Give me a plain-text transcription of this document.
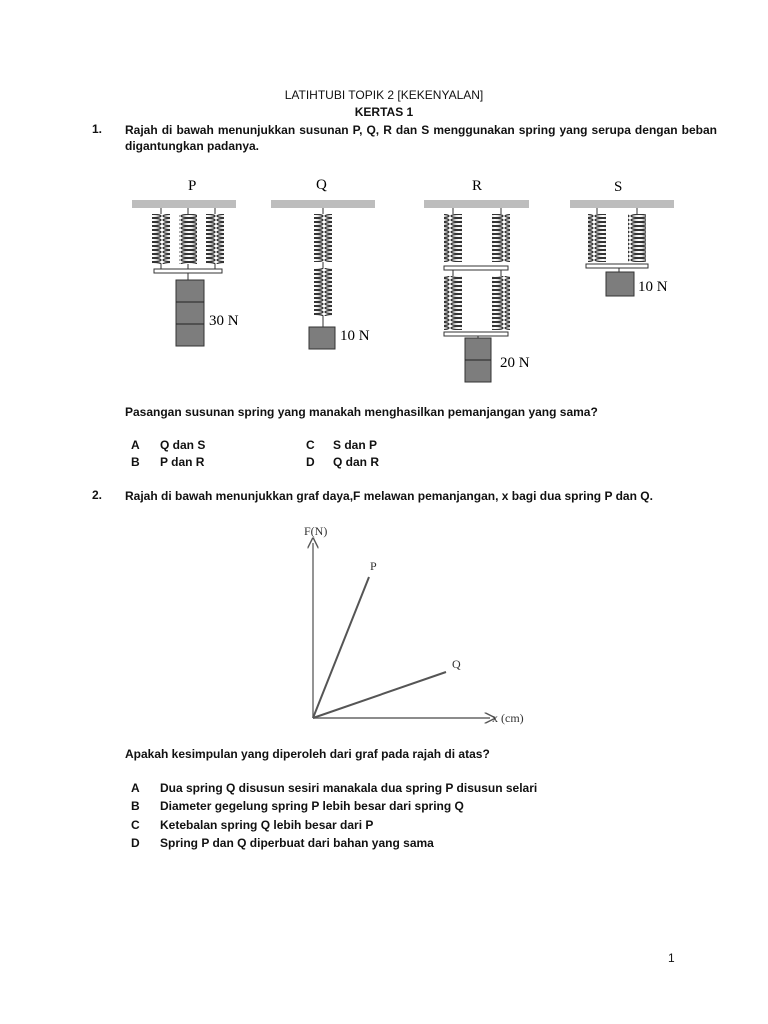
LATIHTUBI TOPIK 2 [KEKENYALAN]
KERTAS 1
1. Rajah di bawah menunjukkan susunan P, Q, R dan S menggunakan spring yang serupa dengan beban
digantungkan padanya.
P
30 N
Q
10 N
R
20 N
S
10 N
Pasangan susunan spring yang manakah menghasilkan pemanjangan yang sama?
A Q dan S
B P dan R
C S dan P
D Q dan R
2. Rajah di bawah menunjukkan graf daya,F melawan pemanjangan, x bagi dua spring P dan Q.
F(N)
x (cm)
P
Q
Apakah kesimpulan yang diperoleh dari graf pada rajah di atas?
A Dua spring Q disusun sesiri manakala dua spring P disusun selari
B Diameter gegelung spring P lebih besar dari spring Q
C Ketebalan spring Q lebih besar dari P
D Spring P dan Q diperbuat dari bahan yang sama
1
